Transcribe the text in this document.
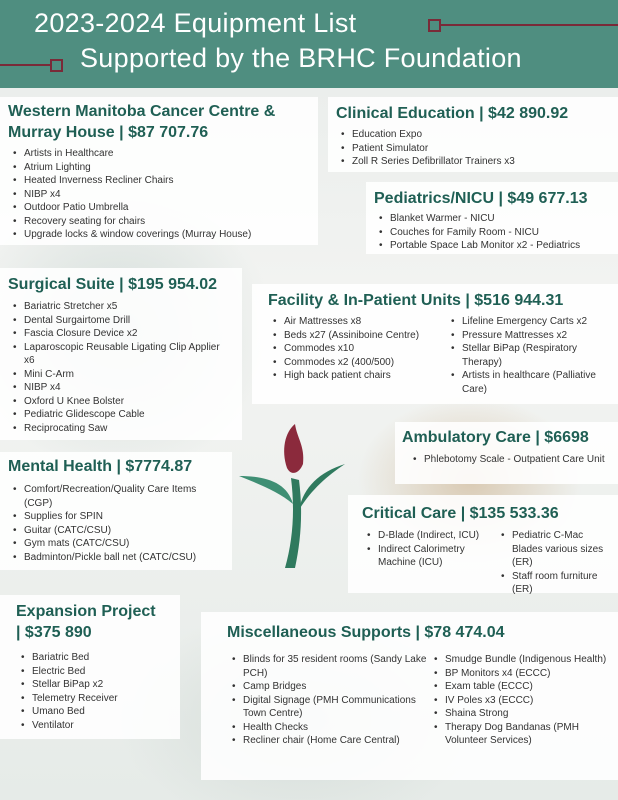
2023-2024 Equipment List
Supported by the BRHC Foundation
Western Manitoba Cancer Centre &
Murray House | $87 707.76
• Artists in Healthcare
• Atrium Lighting
• Heated Inverness Recliner Chairs
• NIBP x4
• Outdoor Patio Umbrella
• Recovery seating for chairs
• Upgrade locks & window coverings (Murray House)
Clinical Education | $42 890.92
• Education Expo
• Patient Simulator
• Zoll R Series Defibrillator Trainers x3
Pediatrics/NICU | $49 677.13
• Blanket Warmer - NICU
• Couches for Family Room - NICU
• Portable Space Lab Monitor x2 - Pediatrics
Surgical Suite | $195 954.02
• Bariatric Stretcher x5
• Dental Surgairtome Drill
• Fascia Closure Device x2
• Laparoscopic Reusable Ligating Clip Applier x6
• Mini C-Arm
• NIBP x4
• Oxford U Knee Bolster
• Pediatric Glidescope Cable
• Reciprocating Saw
Facility & In-Patient Units | $516 944.31
• Air Mattresses x8
• Beds x27 (Assiniboine Centre)
• Commodes x10
• Commodes x2 (400/500)
• High back patient chairs
• Lifeline Emergency Carts x2
• Pressure Mattresses x2
• Stellar BiPap (Respiratory Therapy)
• Artists in healthcare (Palliative Care)
Ambulatory Care | $6698
• Phlebotomy Scale - Outpatient Care Unit
Mental Health | $7774.87
• Comfort/Recreation/Quality Care Items (CGP)
• Supplies for SPIN
• Guitar (CATC/CSU)
• Gym mats (CATC/CSU)
• Badminton/Pickle ball net (CATC/CSU)
Critical Care | $135 533.36
• D-Blade (Indirect, ICU)
• Indirect Calorimetry Machine (ICU)
• Pediatric C-Mac Blades various sizes (ER)
• Staff room furniture (ER)
Expansion Project
| $375 890
• Bariatric Bed
• Electric Bed
• Stellar BiPap x2
• Telemetry Receiver
• Umano Bed
• Ventilator
Miscellaneous Supports | $78 474.04
• Blinds for 35 resident rooms (Sandy Lake PCH)
• Camp Bridges
• Digital Signage (PMH Communications Town Centre)
• Health Checks
• Recliner chair (Home Care Central)
• Smudge Bundle (Indigenous Health)
• BP Monitors x4 (ECCC)
• Exam table (ECCC)
• IV Poles x3 (ECCC)
• Shaina Strong
• Therapy Dog Bandanas (PMH Volunteer Services)
